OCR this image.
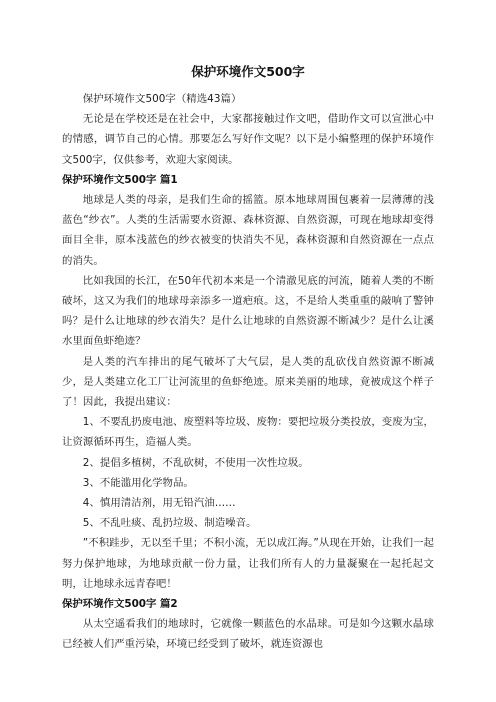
保护环境作文500字

保护环境作文500字（精选43篇）

无论是在学校还是在社会中，大家都接触过作文吧，借助作文可以宣泄心中的情感，调节自己的心情。那要怎么写好作文呢？以下是小编整理的保护环境作文500字，仅供参考，欢迎大家阅读。

保护环境作文500字 篇1

地球是人类的母亲，是我们生命的摇篮。原本地球周围包裹着一层薄薄的浅蓝色“纱衣”。人类的生活需要水资源、森林资源、自然资源，可现在地球却变得面目全非，原本浅蓝色的纱衣被变的快消失不见，森林资源和自然资源在一点点的消失。

比如我国的长江，在50年代初本来是一个清澈见底的河流，随着人类的不断破坏，这又为我们的地球母亲添多一道疤痕。这，不是给人类重重的敲响了警钟吗？是什么让地球的纱衣消失？是什么让地球的自然资源不断减少？是什么让溪水里面鱼虾绝迹？

是人类的汽车排出的尾气破坏了大气层，是人类的乱砍伐自然资源不断减少，是人类建立化工厂让河流里的鱼虾绝迹。原来美丽的地球，竟被成这个样子了！因此，我提出建议：

1、不要乱扔废电池、废塑料等垃圾、废物：要把垃圾分类投放，变废为宝，让资源循环再生，造福人类。

2、提倡多植树，不乱砍树，不使用一次性垃圾。

3、不能滥用化学物品。

4、慎用清洁剂，用无铅汽油……

5、不乱吐痰、乱扔垃圾、制造噪音。

”不积跬步，无以至千里；不积小流，无以成江海。”从现在开始，让我们一起努力保护地球，为地球贡献一份力量，让我们所有人的力量凝聚在一起托起文明，让地球永远青春吧！

保护环境作文500字 篇2

从太空遥看我们的地球时，它就像一颗蓝色的水晶球。可是如今这颗水晶球已经被人们严重污染，环境已经受到了破坏，就连资源也
